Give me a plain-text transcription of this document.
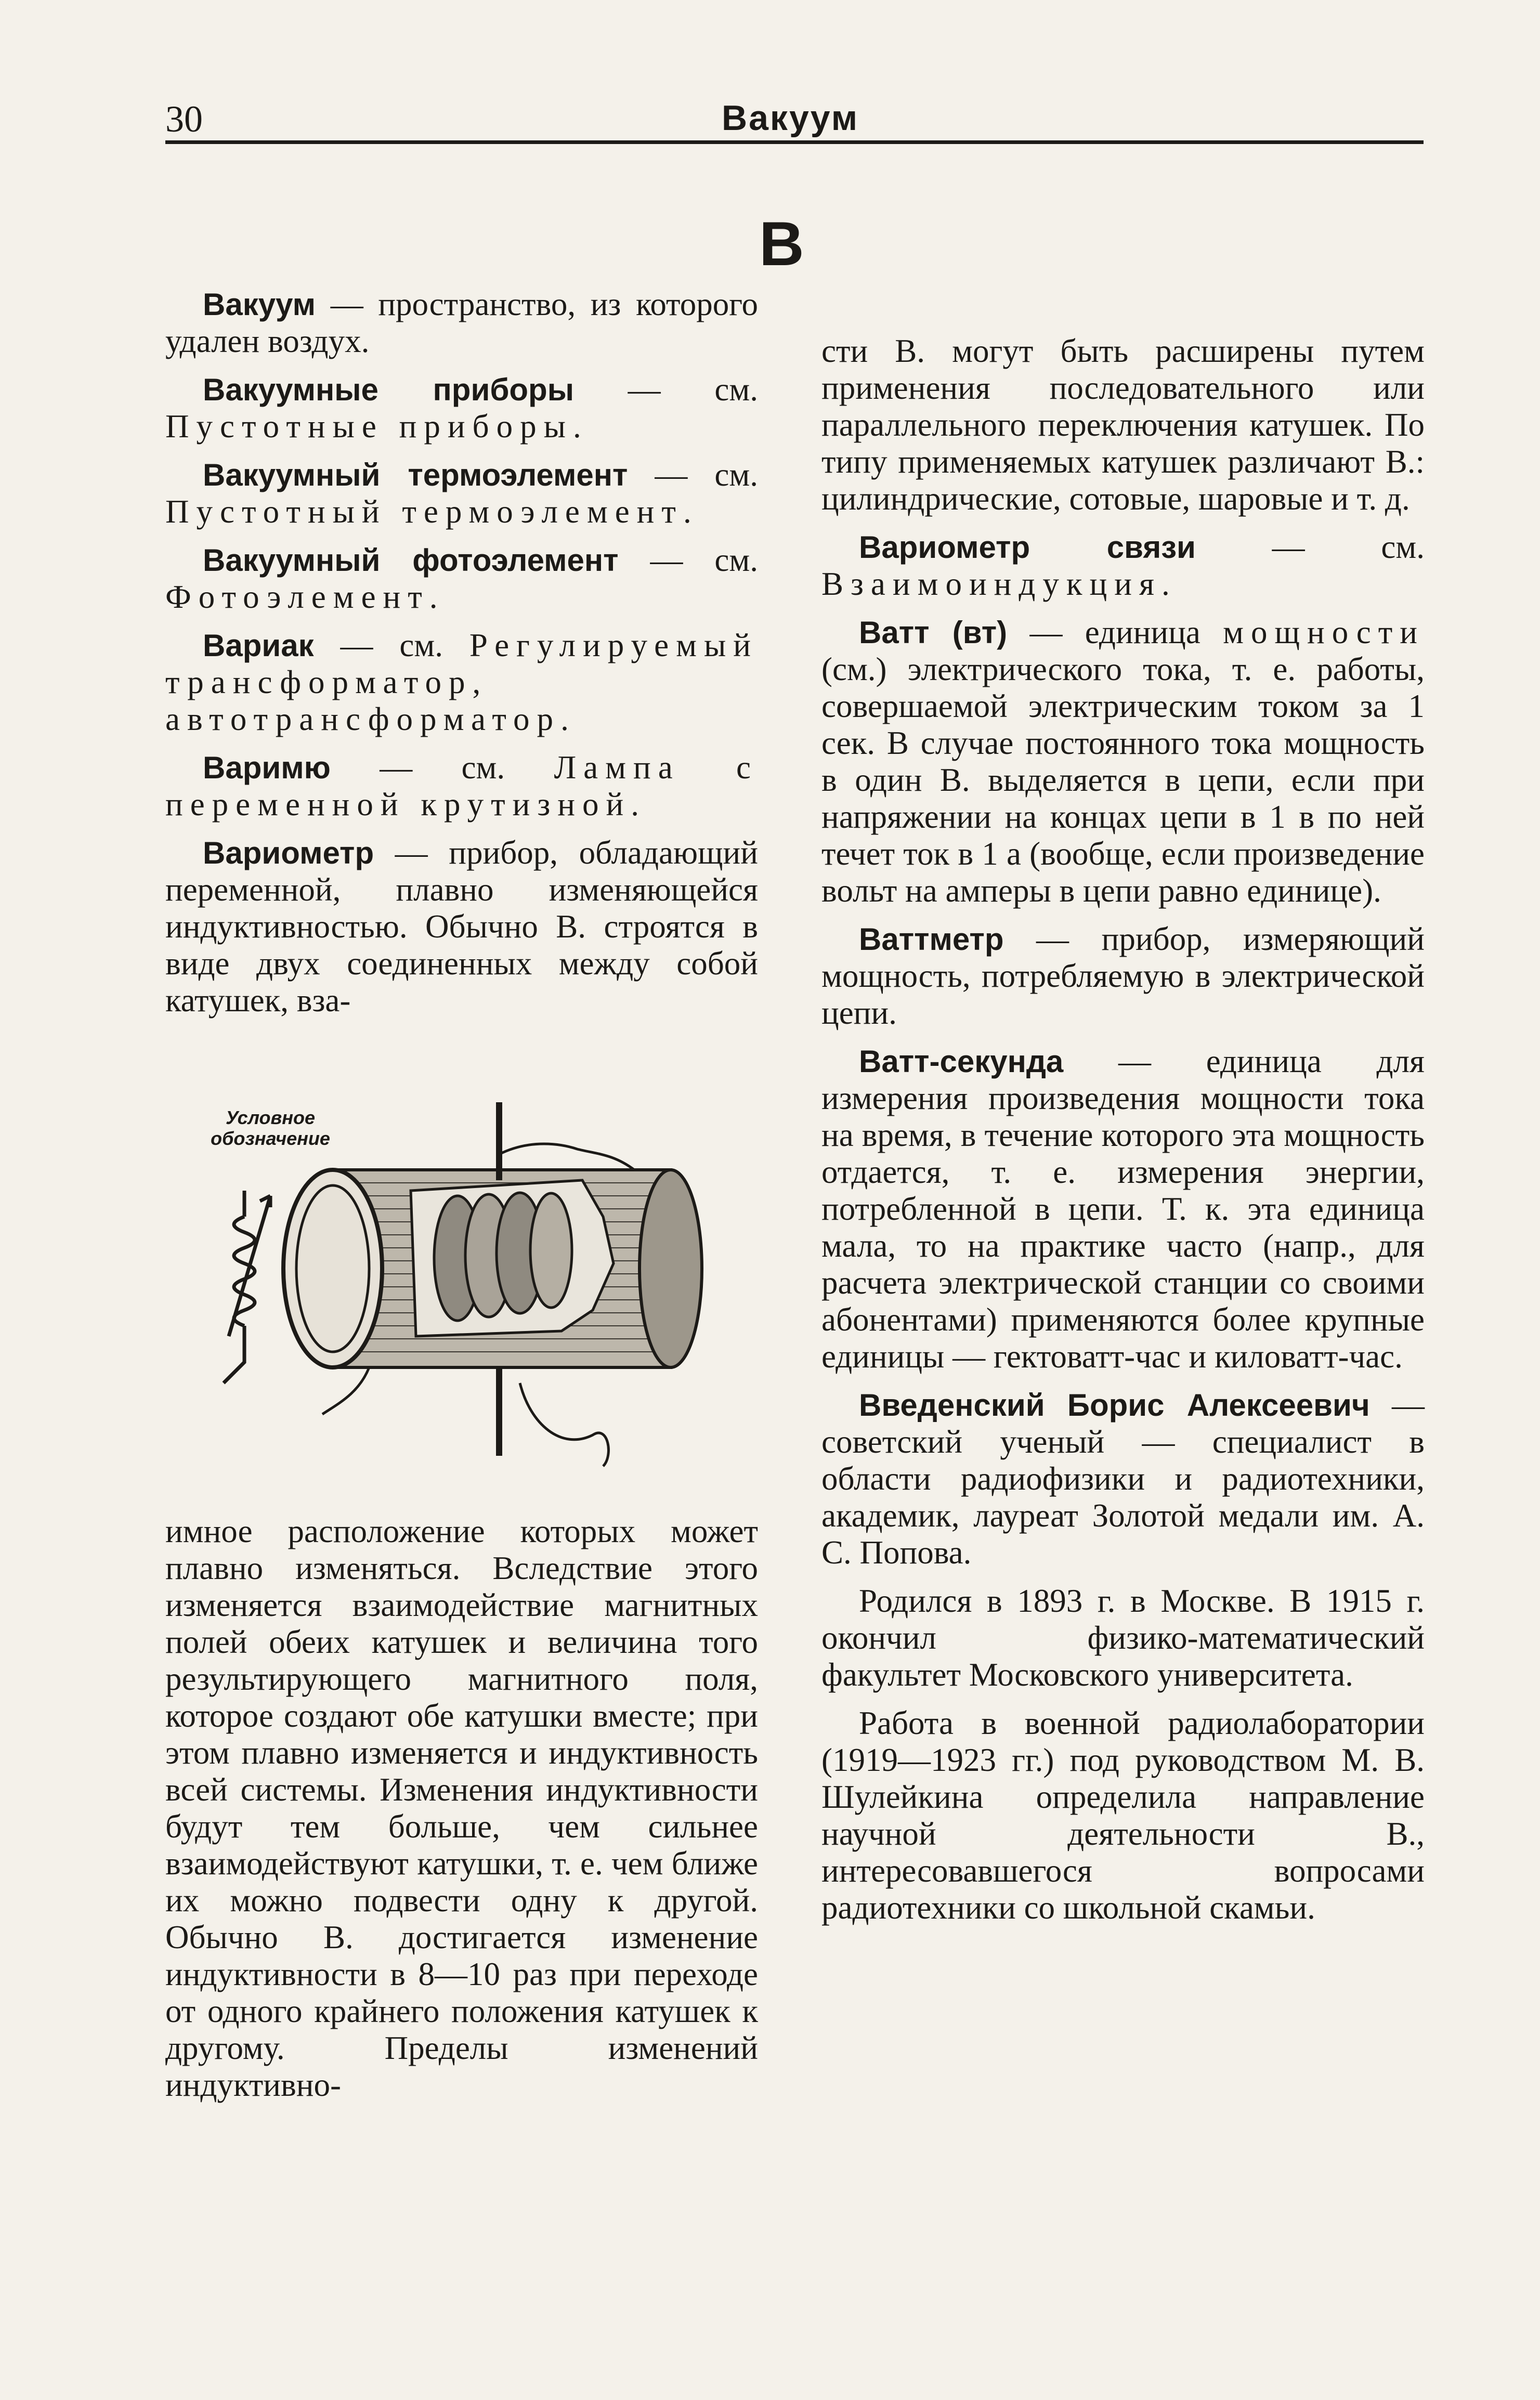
30	Вакуум
В

Вакуум — пространство, из которого удален воздух.

Вакуумные приборы — см. Пустотные приборы.

Вакуумный термоэлемент — см. Пустотный термоэлемент.

Вакуумный фотоэлемент — см. Фотоэлемент.

Вариак — см. Регулируемый трансформатор, автотрансформатор.

Варимю — см. Лампа с переменной крутизной.

Вариометр — прибор, обладающий переменной, плавно изменяющейся индуктивностью. Обычно В. строятся в виде двух соединенных между собой катушек, вза-

Условное обозначение

имное расположение которых может плавно изменяться. Вследствие этого изменяется взаимодействие магнитных полей обеих катушек и величина того результирующего магнитного поля, которое создают обе катушки вместе; при этом плавно изменяется и индуктивность всей системы. Изменения индуктивности будут тем больше, чем сильнее взаимодействуют катушки, т. е. чем ближе их можно подвести одну к другой. Обычно В. достигается изменение индуктивности в 8—10 раз при переходе от одного крайнего положения катушек к другому. Пределы изменений индуктивно-

сти В. могут быть расширены путем применения последовательного или параллельного переключения катушек. По типу применяемых катушек различают В.: цилиндрические, сотовые, шаровые и т. д.

Вариометр связи — см. Взаимоиндукция.

Ватт (вт) — единица мощности (см.) электрического тока, т. е. работы, совершаемой электрическим током за 1 сек. В случае постоянного тока мощность в один В. выделяется в цепи, если при напряжении на концах цепи в 1 в по ней течет ток в 1 а (вообще, если произведение вольт на амперы в цепи равно единице).

Ваттметр — прибор, измеряющий мощность, потребляемую в электрической цепи.

Ватт-секунда — единица для измерения произведения мощности тока на время, в течение которого эта мощность отдается, т. е. измерения энергии, потребленной в цепи. Т. к. эта единица мала, то на практике часто (напр., для расчета электрической станции со своими абонентами) применяются более крупные единицы — гектоватт-час и киловатт-час.

Введенский Борис Алексеевич — советский ученый — специалист в области радиофизики и радиотехники, академик, лауреат Золотой медали им. А. С. Попова.

Родился в 1893 г. в Москве. В 1915 г. окончил физико-математический факультет Московского университета.

Работа в военной радиолаборатории (1919—1923 гг.) под руководством М. В. Шулейкина определила направление научной деятельности В., интересовавшегося вопросами радиотехники со школьной скамьи.
